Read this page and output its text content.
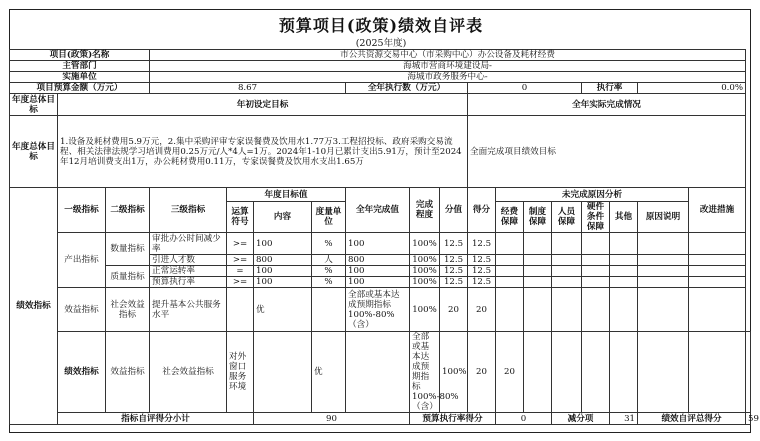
预算项目(政策)绩效自评表
(2025年度)
项目(政策)名称			市公共资源交易中心（市采购中心）办公设备及耗材经费															
主管部门			海城市营商环境建设局-															
实施单位			海城市政务服务中心-															
项目预算金额（万元）			8.67				全年执行数（万元）			0				执行率		0.0%		
年度总体目标	年初设定目标									全年实际完成情况								
年度总体目标	1.设备及耗材费用5.9万元，2.集中采购评审专家误餐费及饮用水1.77万3.工程招投标、政府采购交易流程、相关法律法规学习培训费用0.25万元/人*4人=1万。2024年1-10月已累计支出5.91万，预计至2024年12月培训费支出1万，办公耗材费用0.11万，专家误餐费及饮用水支出1.65万									全面完成项目绩效目标								
绩效指标	一级指标	二级指标	三级指标	年度目标值			全年完成值	完成程度	分值	得分	未完成原因分析						改进措施	
				运算符号	内容	度量单位					经费保障	制度保障	人员保障	硬件条件保障	其他	原因说明		
	产出指标	数量指标	审批办公时间减少率	>=	100	%	100	100%	12.5	12.5								
			引进人才数	>=	800	人	800	100%	12.5	12.5								
		质量指标	正常运转率	=	100	%	100	100%	12.5	12.5								
			预算执行率	>=	100	%	100	100%	12.5	12.5								
	效益指标	社会效益指标	提升基本公共服务水平		优		全部或基本达成预期指标100%-80%（含）	100%	20	20								
	绩效指标	效益指标	社会效益指标	对外窗口服务环境		优		全部或基本达成预期指标100%-80%（含）	100%	20	20							
	指标自评得分小计				90			预算执行率得分			0		减分项		31	绩效自评总得分		59
